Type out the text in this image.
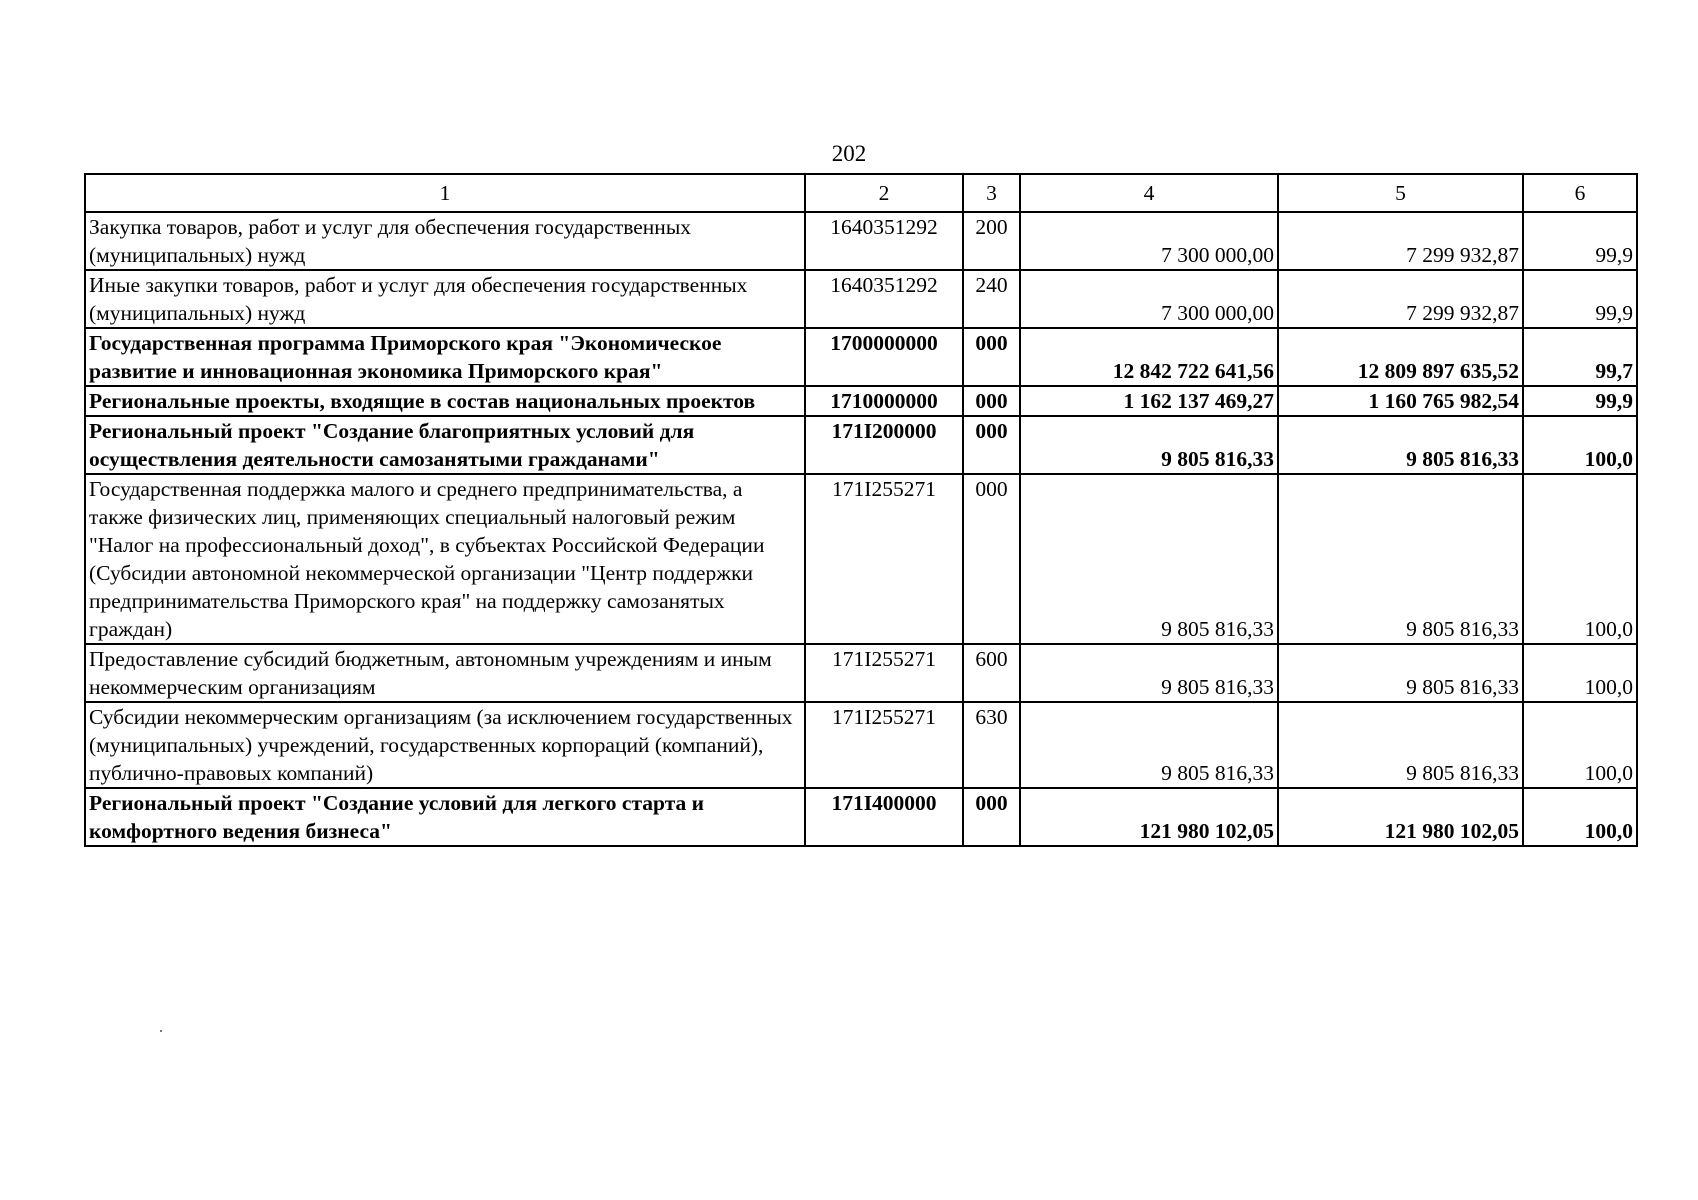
202
1	2	3	4	5	6
Закупка товаров, работ и услуг для обеспечения государственных (муниципальных) нужд	1640351292	200	7 300 000,00	7 299 932,87	99,9
Иные закупки товаров, работ и услуг для обеспечения государственных (муниципальных) нужд	1640351292	240	7 300 000,00	7 299 932,87	99,9
Государственная программа Приморского края "Экономическое развитие и инновационная экономика Приморского края"	1700000000	000	12 842 722 641,56	12 809 897 635,52	99,7
Региональные проекты, входящие в состав национальных проектов	1710000000	000	1 162 137 469,27	1 160 765 982,54	99,9
Региональный проект "Создание благоприятных условий для осуществления деятельности самозанятыми гражданами"	171I200000	000	9 805 816,33	9 805 816,33	100,0
Государственная поддержка малого и среднего предпринимательства, а также физических лиц, применяющих специальный налоговый режим "Налог на профессиональный доход", в субъектах Российской Федерации (Субсидии автономной некоммерческой организации "Центр поддержки предпринимательства Приморского края" на поддержку самозанятых граждан)	171I255271	000	9 805 816,33	9 805 816,33	100,0
Предоставление субсидий бюджетным, автономным учреждениям и иным некоммерческим организациям	171I255271	600	9 805 816,33	9 805 816,33	100,0
Субсидии некоммерческим организациям (за исключением государственных (муниципальных) учреждений, государственных корпораций (компаний), публично-правовых компаний)	171I255271	630	9 805 816,33	9 805 816,33	100,0
Региональный проект "Создание условий для легкого старта и комфортного ведения бизнеса"	171I400000	000	121 980 102,05	121 980 102,05	100,0
